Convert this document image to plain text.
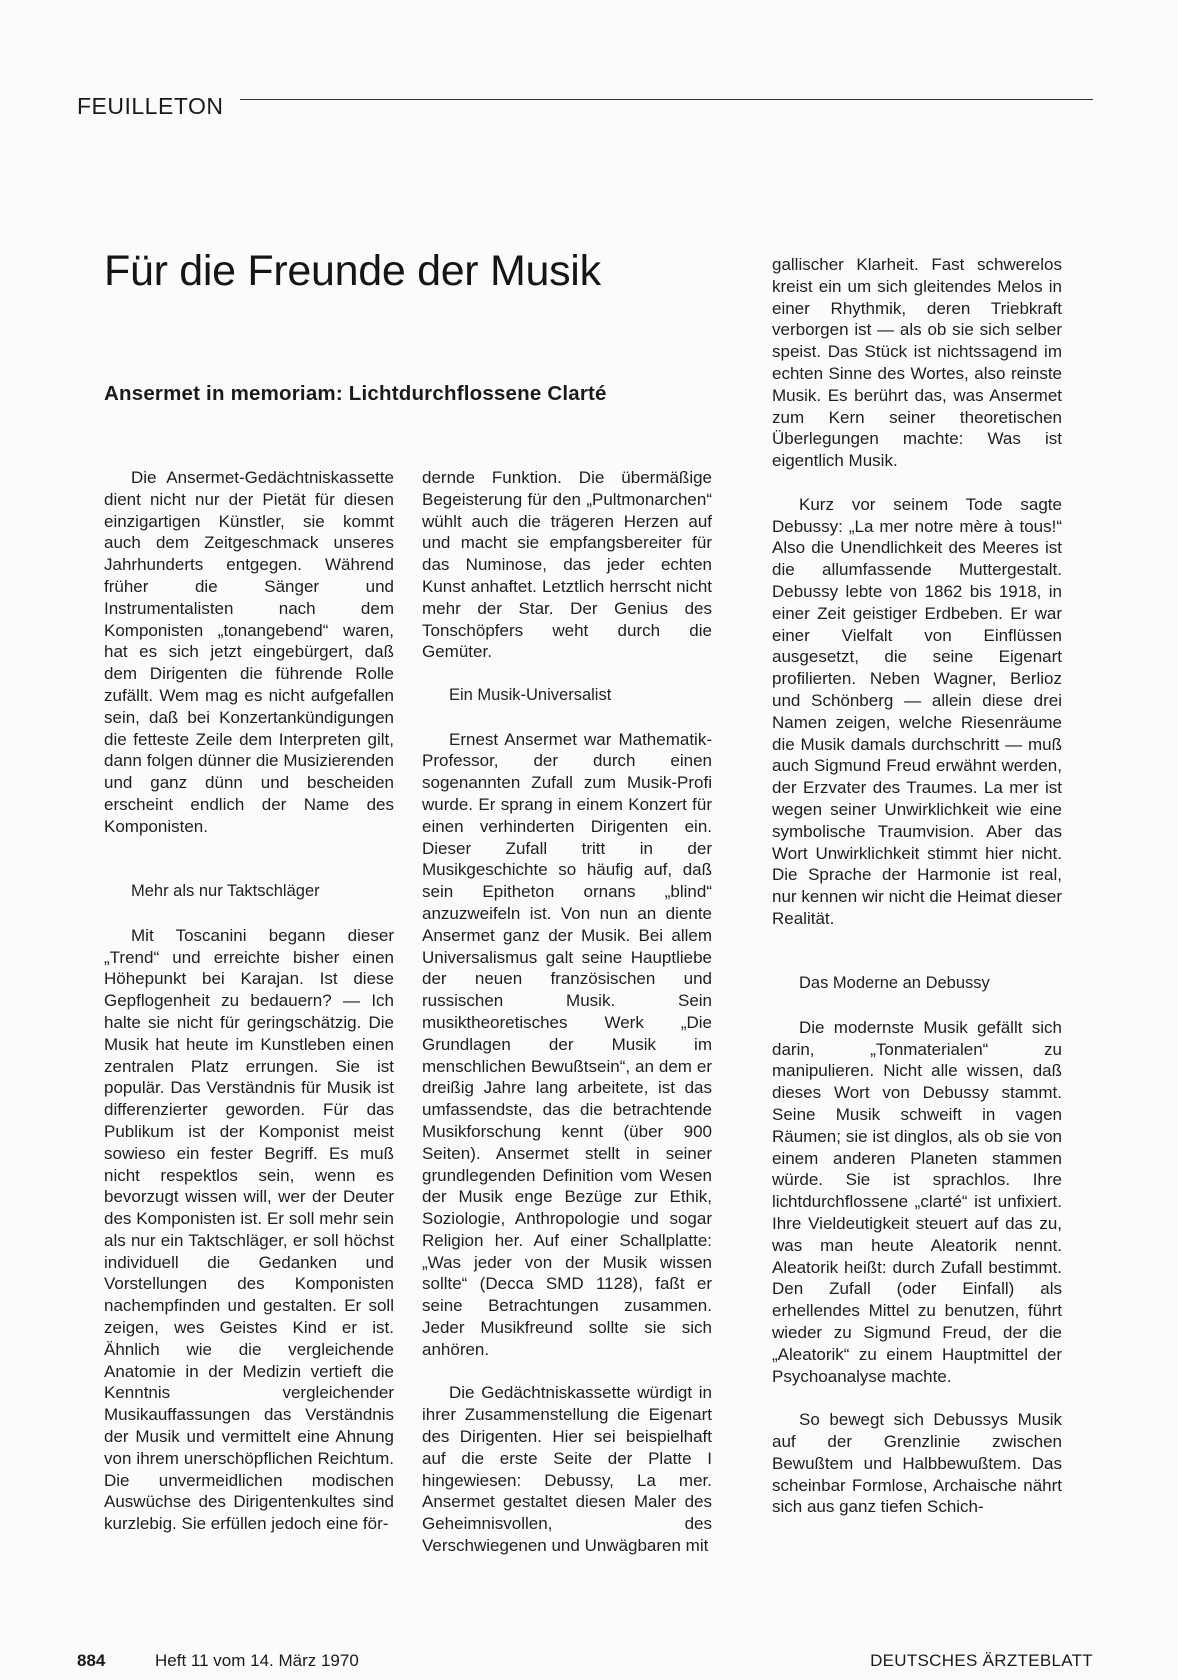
FEUILLETON
Für die Freunde der Musik
Ansermet in memoriam: Lichtdurchflossene Clarté

Die Ansermet-Gedächtniskassette dient nicht nur der Pietät für diesen einzigartigen Künstler, sie kommt auch dem Zeitgeschmack unseres Jahrhunderts entgegen. Während früher die Sänger und Instrumentalisten nach dem Komponisten „tonangebend“ waren, hat es sich jetzt eingebürgert, daß dem Dirigenten die führende Rolle zufällt. Wem mag es nicht aufgefallen sein, daß bei Konzertankündigungen die fetteste Zeile dem Interpreten gilt, dann folgen dünner die Musizierenden und ganz dünn und bescheiden erscheint endlich der Name des Komponisten.

Mehr als nur Taktschläger

Mit Toscanini begann dieser „Trend“ und erreichte bisher einen Höhepunkt bei Karajan. Ist diese Gepflogenheit zu bedauern? — Ich halte sie nicht für geringschätzig. Die Musik hat heute im Kunstleben einen zentralen Platz errungen. Sie ist populär. Das Verständnis für Musik ist differenzierter geworden. Für das Publikum ist der Komponist meist sowieso ein fester Begriff. Es muß nicht respektlos sein, wenn es bevorzugt wissen will, wer der Deuter des Komponisten ist. Er soll mehr sein als nur ein Taktschläger, er soll höchst individuell die Gedanken und Vorstellungen des Komponisten nachempfinden und gestalten. Er soll zeigen, wes Geistes Kind er ist. Ähnlich wie die vergleichende Anatomie in der Medizin vertieft die Kenntnis vergleichender Musikauffassungen das Verständnis der Musik und vermittelt eine Ahnung von ihrem unerschöpflichen Reichtum. Die unvermeidlichen modischen Auswüchse des Dirigentenkultes sind kurzlebig. Sie erfüllen jedoch eine för-

dernde Funktion. Die übermäßige Begeisterung für den „Pultmonarchen“ wühlt auch die trägeren Herzen auf und macht sie empfangsbereiter für das Numinose, das jeder echten Kunst anhaftet. Letztlich herrscht nicht mehr der Star. Der Genius des Tonschöpfers weht durch die Gemüter.

Ein Musik-Universalist

Ernest Ansermet war Mathematik-Professor, der durch einen sogenannten Zufall zum Musik-Profi wurde. Er sprang in einem Konzert für einen verhinderten Dirigenten ein. Dieser Zufall tritt in der Musikgeschichte so häufig auf, daß sein Epitheton ornans „blind“ anzuzweifeln ist. Von nun an diente Ansermet ganz der Musik. Bei allem Universalismus galt seine Hauptliebe der neuen französischen und russischen Musik. Sein musiktheoretisches Werk „Die Grundlagen der Musik im menschlichen Bewußtsein“, an dem er dreißig Jahre lang arbeitete, ist das umfassendste, das die betrachtende Musikforschung kennt (über 900 Seiten). Ansermet stellt in seiner grundlegenden Definition vom Wesen der Musik enge Bezüge zur Ethik, Soziologie, Anthropologie und sogar Religion her. Auf einer Schallplatte: „Was jeder von der Musik wissen sollte“ (Decca SMD 1128), faßt er seine Betrachtungen zusammen. Jeder Musikfreund sollte sie sich anhören.

Die Gedächtniskassette würdigt in ihrer Zusammenstellung die Eigenart des Dirigenten. Hier sei beispielhaft auf die erste Seite der Platte I hingewiesen: Debussy, La mer. Ansermet gestaltet diesen Maler des Geheimnisvollen, des Verschwiegenen und Unwägbaren mit

gallischer Klarheit. Fast schwerelos kreist ein um sich gleitendes Melos in einer Rhythmik, deren Triebkraft verborgen ist — als ob sie sich selber speist. Das Stück ist nichtssagend im echten Sinne des Wortes, also reinste Musik. Es berührt das, was Ansermet zum Kern seiner theoretischen Überlegungen machte: Was ist eigentlich Musik.

Kurz vor seinem Tode sagte Debussy: „La mer notre mère à tous!“ Also die Unendlichkeit des Meeres ist die allumfassende Muttergestalt. Debussy lebte von 1862 bis 1918, in einer Zeit geistiger Erdbeben. Er war einer Vielfalt von Einflüssen ausgesetzt, die seine Eigenart profilierten. Neben Wagner, Berlioz und Schönberg — allein diese drei Namen zeigen, welche Riesenräume die Musik damals durchschritt — muß auch Sigmund Freud erwähnt werden, der Erzvater des Traumes. La mer ist wegen seiner Unwirklichkeit wie eine symbolische Traumvision. Aber das Wort Unwirklichkeit stimmt hier nicht. Die Sprache der Harmonie ist real, nur kennen wir nicht die Heimat dieser Realität.

Das Moderne an Debussy

Die modernste Musik gefällt sich darin, „Tonmaterialen“ zu manipulieren. Nicht alle wissen, daß dieses Wort von Debussy stammt. Seine Musik schweift in vagen Räumen; sie ist dinglos, als ob sie von einem anderen Planeten stammen würde. Sie ist sprachlos. Ihre lichtdurchflossene „clarté“ ist unfixiert. Ihre Vieldeutigkeit steuert auf das zu, was man heute Aleatorik nennt. Aleatorik heißt: durch Zufall bestimmt. Den Zufall (oder Einfall) als erhellendes Mittel zu benutzen, führt wieder zu Sigmund Freud, der die „Aleatorik“ zu einem Hauptmittel der Psychoanalyse machte.

So bewegt sich Debussys Musik auf der Grenzlinie zwischen Bewußtem und Halbbewußtem. Das scheinbar Formlose, Archaische nährt sich aus ganz tiefen Schich-

884	Heft 11 vom 14. März 1970	DEUTSCHES ÄRZTEBLATT
